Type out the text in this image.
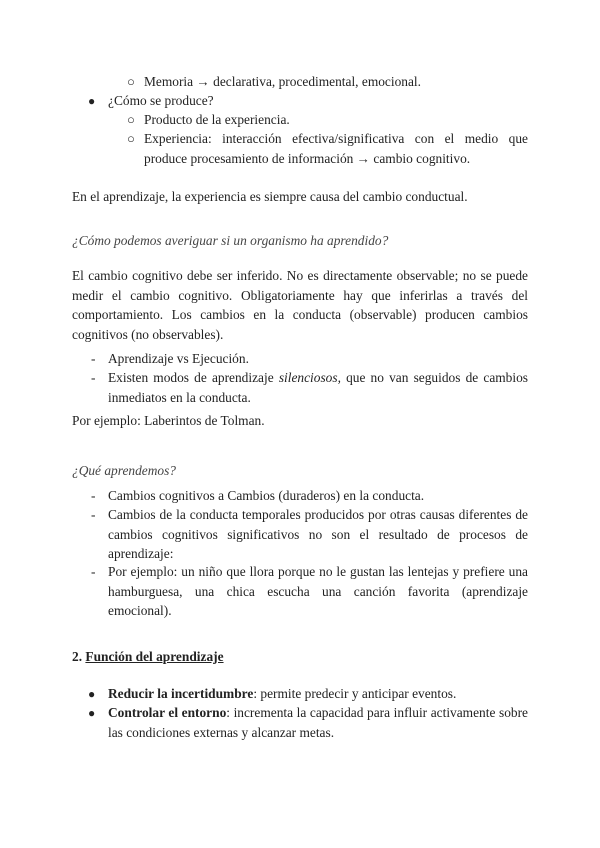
○ Memoria → declarativa, procedimental, emocional.
● ¿Cómo se produce?
○ Producto de la experiencia.
○ Experiencia: interacción efectiva/significativa con el medio que produce procesamiento de información → cambio cognitivo.
En el aprendizaje, la experiencia es siempre causa del cambio conductual.
¿Cómo podemos averiguar si un organismo ha aprendido?
El cambio cognitivo debe ser inferido. No es directamente observable; no se puede medir el cambio cognitivo. Obligatoriamente hay que inferirlas a través del comportamiento. Los cambios en la conducta (observable) producen cambios cognitivos (no observables).
- Aprendizaje vs Ejecución.
- Existen modos de aprendizaje silenciosos, que no van seguidos de cambios inmediatos en la conducta.
Por ejemplo: Laberintos de Tolman.
¿Qué aprendemos?
- Cambios cognitivos a Cambios (duraderos) en la conducta.
- Cambios de la conducta temporales producidos por otras causas diferentes de cambios cognitivos significativos no son el resultado de procesos de aprendizaje:
- Por ejemplo: un niño que llora porque no le gustan las lentejas y prefiere una hamburguesa, una chica escucha una canción favorita (aprendizaje emocional).
2. Función del aprendizaje
● Reducir la incertidumbre: permite predecir y anticipar eventos.
● Controlar el entorno: incrementa la capacidad para influir activamente sobre las condiciones externas y alcanzar metas.
